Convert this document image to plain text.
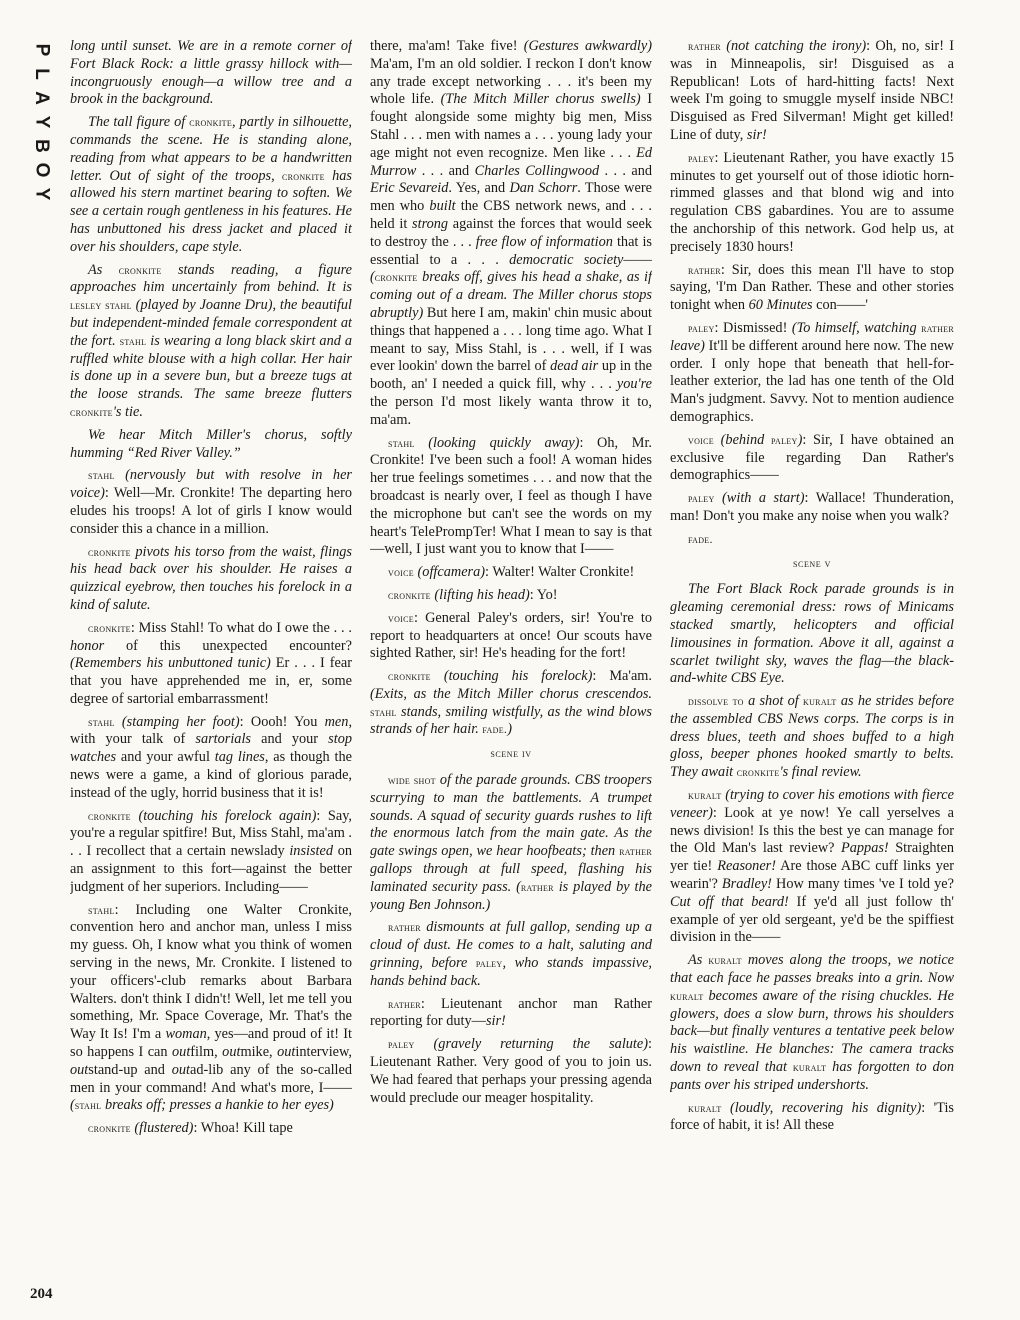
P
L
A
Y
B
O
Y
204

long until sunset. We are in a remote corner of Fort Black Rock: a little grassy hillock with—incongruously enough—a willow tree and a brook in the background.

The tall figure of cronkite, partly in silhouette, commands the scene. He is standing alone, reading from what appears to be a handwritten letter. Out of sight of the troops, cronkite has allowed his stern martinet bearing to soften. We see a certain rough gentleness in his features. He has unbuttoned his dress jacket and placed it over his shoulders, cape style.

As cronkite stands reading, a figure approaches him uncertainly from behind. It is lesley stahl (played by Joanne Dru), the beautiful but independent-minded female correspondent at the fort. stahl is wearing a long black skirt and a ruffled white blouse with a high collar. Her hair is done up in a severe bun, but a breeze tugs at the loose strands. The same breeze flutters cronkite's tie.

We hear Mitch Miller's chorus, softly humming “Red River Valley.”

stahl (nervously but with resolve in her voice): Well—Mr. Cronkite! The departing hero eludes his troops! A lot of girls I know would consider this a chance in a million.

cronkite pivots his torso from the waist, flings his head back over his shoulder. He raises a quizzical eyebrow, then touches his forelock in a kind of salute.

cronkite: Miss Stahl! To what do I owe the . . . honor of this unexpected encounter? (Remembers his unbuttoned tunic) Er . . . I fear that you have apprehended me in, er, some degree of sartorial embarrassment!

stahl (stamping her foot): Oooh! You men, with your talk of sartorials and your stop watches and your awful tag lines, as though the news were a game, a kind of glorious parade, instead of the ugly, horrid business that it is!

cronkite (touching his forelock again): Say, you're a regular spitfire! But, Miss Stahl, ma'am . . . I recollect that a certain newslady insisted on an assignment to this fort—against the better judgment of her superiors. Including——

stahl: Including one Walter Cronkite, convention hero and anchor man, unless I miss my guess. Oh, I know what you think of women serving in the news, Mr. Cronkite. I listened to your officers'-club remarks about Barbara Walters. don't think I didn't! Well, let me tell you something, Mr. Space Coverage, Mr. That's the Way It Is! I'm a woman, yes—and proud of it! It so happens I can outfilm, outmike, outinterview, outstand-up and outad-lib any of the so-called men in your command! And what's more, I—— (stahl breaks off; presses a hankie to her eyes)

cronkite (flustered): Whoa! Kill tape

there, ma'am! Take five! (Gestures awkwardly) Ma'am, I'm an old soldier. I reckon I don't know any trade except networking . . . it's been my whole life. (The Mitch Miller chorus swells) I fought alongside some mighty big men, Miss Stahl . . . men with names a . . . young lady your age might not even recognize. Men like . . . Ed Murrow . . . and Charles Collingwood . . . and Eric Sevareid. Yes, and Dan Schorr. Those were men who built the CBS network news, and . . . held it strong against the forces that would seek to destroy the . . . free flow of information that is essential to a . . . democratic society—— (cronkite breaks off, gives his head a shake, as if coming out of a dream. The Miller chorus stops abruptly) But here I am, makin' chin music about things that happened a . . . long time ago. What I meant to say, Miss Stahl, is . . . well, if I was ever lookin' down the barrel of dead air up in the booth, an' I needed a quick fill, why . . . you're the person I'd most likely wanta throw it to, ma'am.

stahl (looking quickly away): Oh, Mr. Cronkite! I've been such a fool! A woman hides her true feelings sometimes . . . and now that the broadcast is nearly over, I feel as though I have the microphone but can't see the words on my heart's TelePrompTer! What I mean to say is that—well, I just want you to know that I——

voice (offcamera): Walter! Walter Cronkite!

cronkite (lifting his head): Yo!

voice: General Paley's orders, sir! You're to report to headquarters at once! Our scouts have sighted Rather, sir! He's heading for the fort!

cronkite (touching his forelock): Ma'am. (Exits, as the Mitch Miller chorus crescendos. stahl stands, smiling wistfully, as the wind blows strands of her hair. fade.)

scene iv

wide shot of the parade grounds. CBS troopers scurrying to man the battlements. A trumpet sounds. A squad of security guards rushes to lift the enormous latch from the main gate. As the gate swings open, we hear hoofbeats; then rather gallops through at full speed, flashing his laminated security pass. (rather is played by the young Ben Johnson.)

rather dismounts at full gallop, sending up a cloud of dust. He comes to a halt, saluting and grinning, before paley, who stands impassive, hands behind back.

rather: Lieutenant anchor man Rather reporting for duty—sir!

paley (gravely returning the salute): Lieutenant Rather. Very good of you to join us. We had feared that perhaps your pressing agenda would preclude our meager hospitality.

rather (not catching the irony): Oh, no, sir! I was in Minneapolis, sir! Disguised as a Republican! Lots of hard-hitting facts! Next week I'm going to smuggle myself inside NBC! Disguised as Fred Silverman! Might get killed! Line of duty, sir!

paley: Lieutenant Rather, you have exactly 15 minutes to get yourself out of those idiotic horn-rimmed glasses and that blond wig and into regulation CBS gabardines. You are to assume the anchorship of this network. God help us, at precisely 1830 hours!

rather: Sir, does this mean I'll have to stop saying, 'I'm Dan Rather. These and other stories tonight when 60 Minutes con——'

paley: Dismissed! (To himself, watching rather leave) It'll be different around here now. The new order. I only hope that beneath that hell-for-leather exterior, the lad has one tenth of the Old Man's judgment. Savvy. Not to mention audience demographics.

voice (behind paley): Sir, I have obtained an exclusive file regarding Dan Rather's demographics——

paley (with a start): Wallace! Thunderation, man! Don't you make any noise when you walk?

fade.

scene v

The Fort Black Rock parade grounds is in gleaming ceremonial dress: rows of Minicams stacked smartly, helicopters and official limousines in formation. Above it all, against a scarlet twilight sky, waves the flag—the black-and-white CBS Eye.

dissolve to a shot of kuralt as he strides before the assembled CBS News corps. The corps is in dress blues, teeth and shoes buffed to a high gloss, beeper phones hooked smartly to belts. They await cronkite's final review.

kuralt (trying to cover his emotions with fierce veneer): Look at ye now! Ye call yerselves a news division! Is this the best ye can manage for the Old Man's last review? Pappas! Straighten yer tie! Reasoner! Are those ABC cuff links yer wearin'? Bradley! How many times 've I told ye? Cut off that beard! If ye'd all just follow th' example of yer old sergeant, ye'd be the spiffiest division in the——

As kuralt moves along the troops, we notice that each face he passes breaks into a grin. Now kuralt becomes aware of the rising chuckles. He glowers, does a slow burn, throws his shoulders back—but finally ventures a tentative peek below his waistline. He blanches: The camera tracks down to reveal that kuralt has forgotten to don pants over his striped undershorts.

kuralt (loudly, recovering his dignity): 'Tis force of habit, it is! All these
